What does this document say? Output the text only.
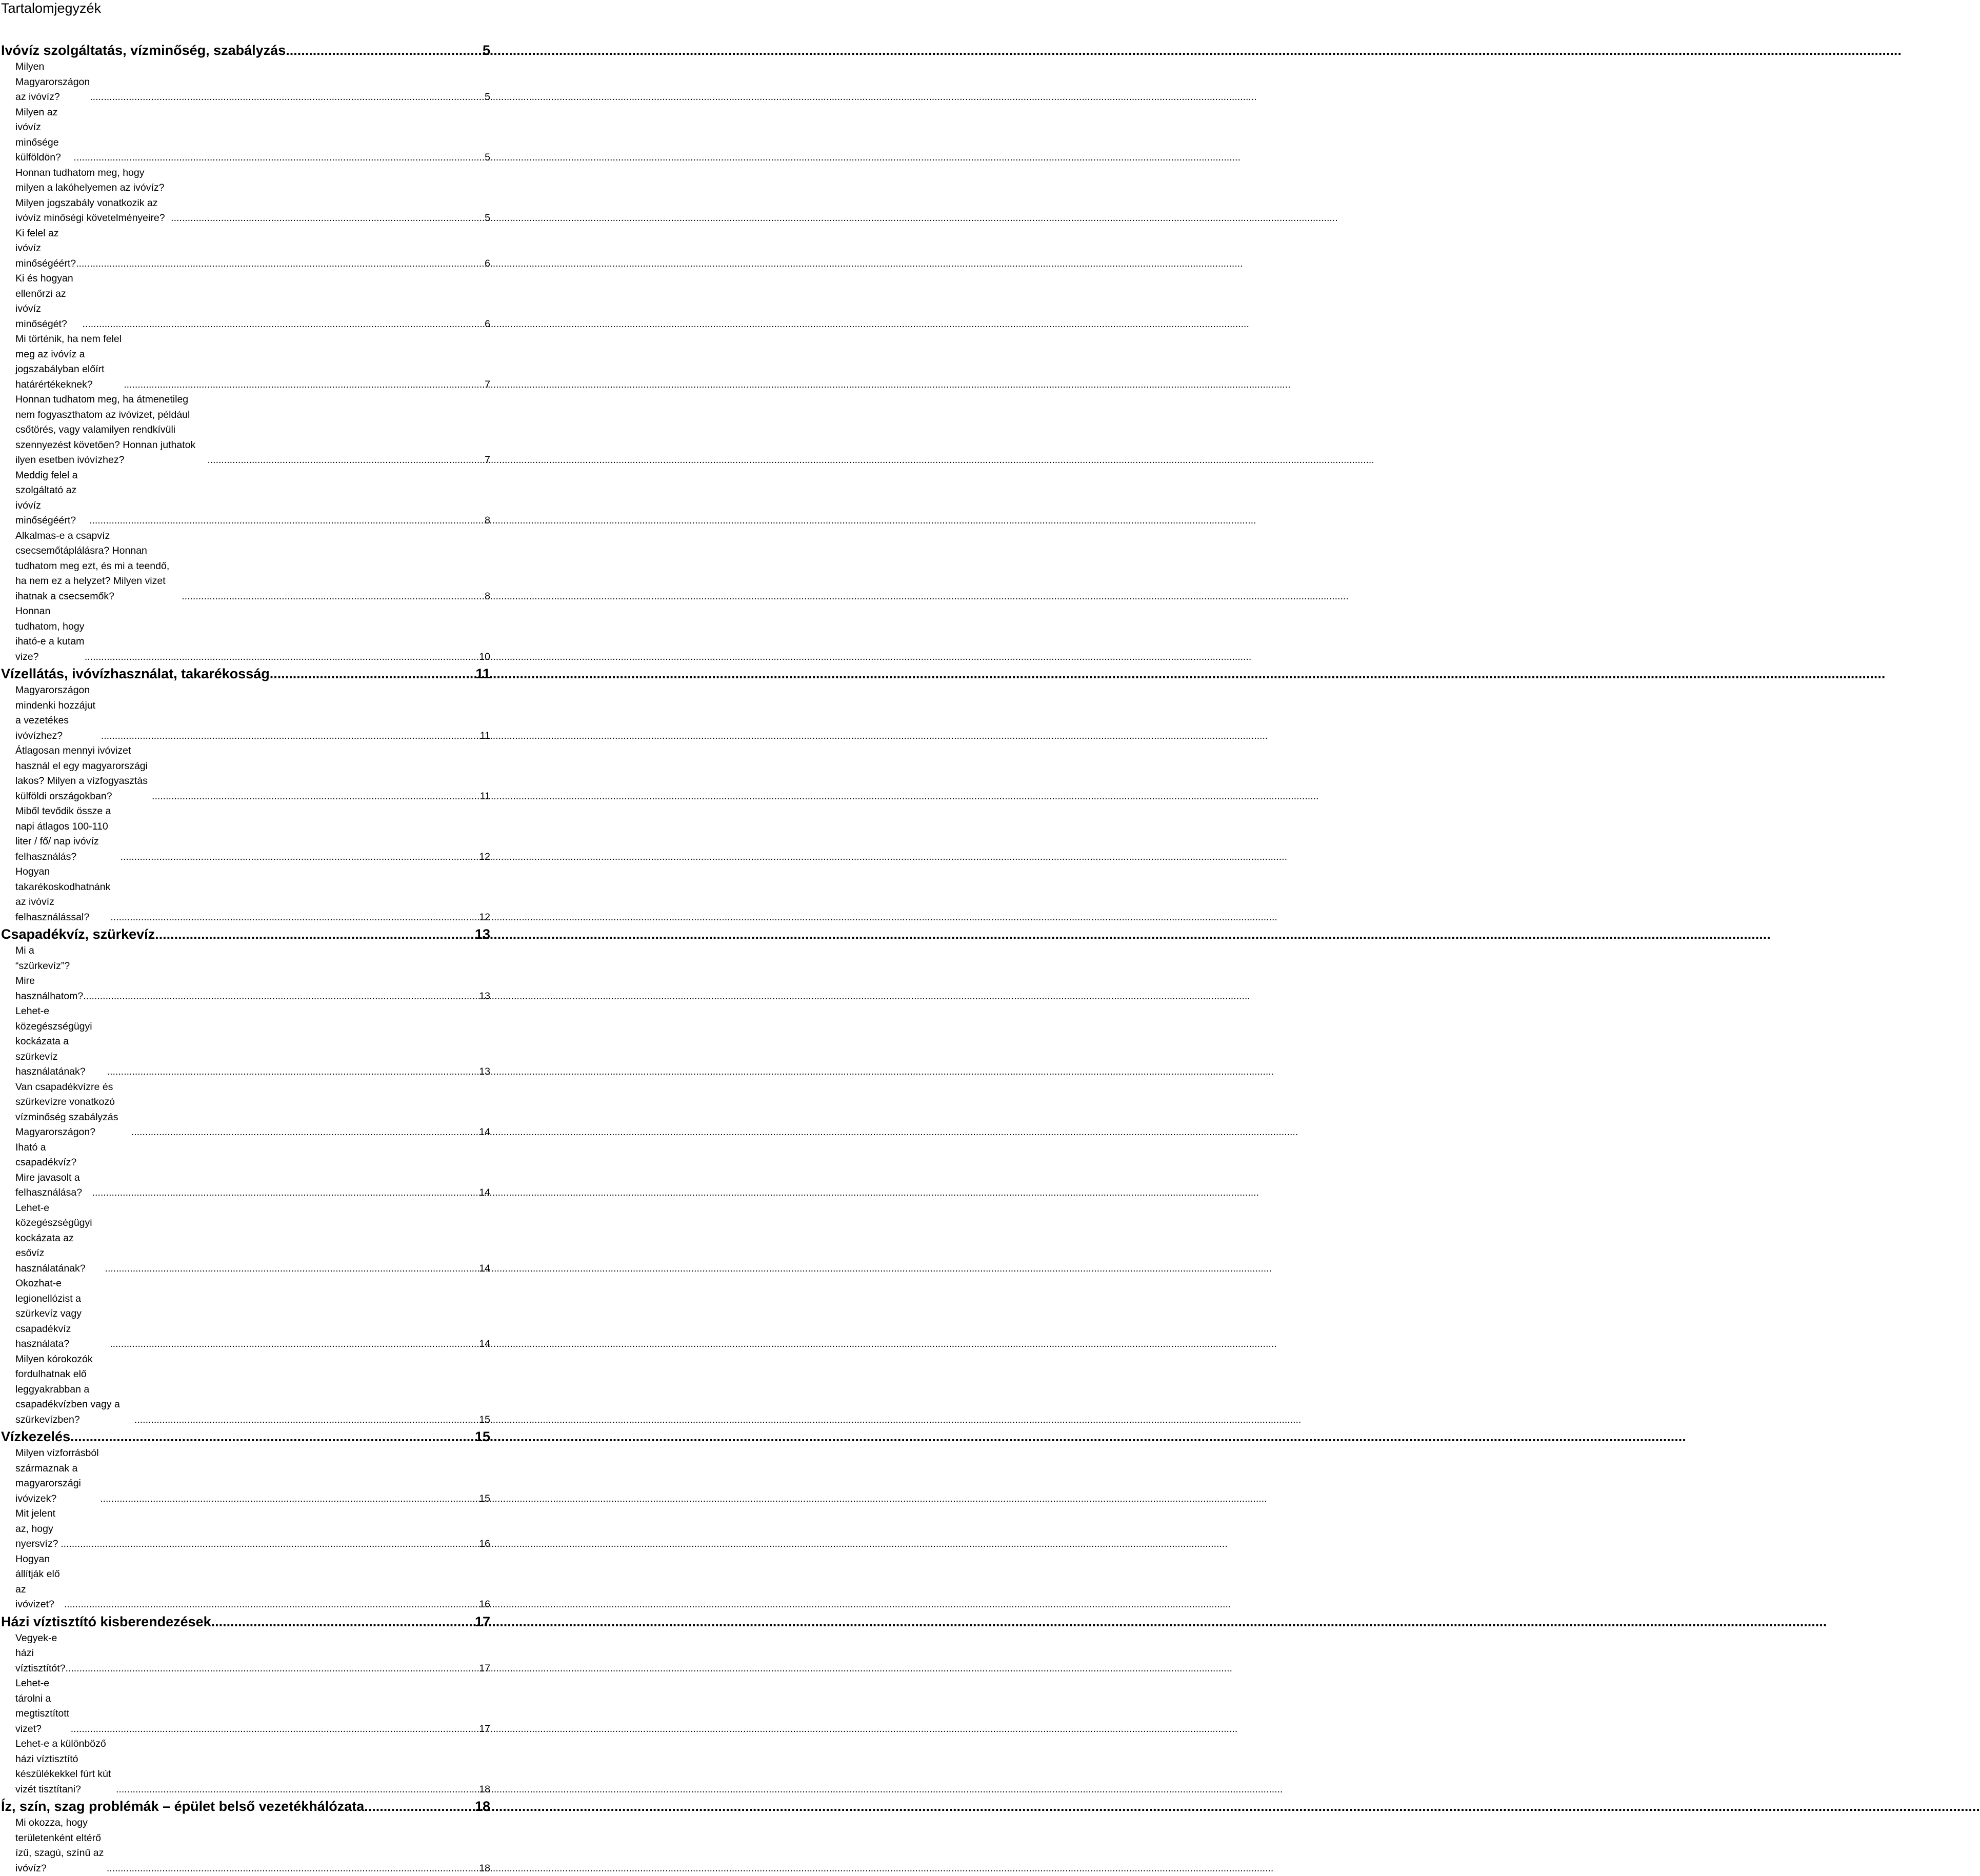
Tartalomjegyzék
Ivóvíz szolgáltatás, vízminőség, szabályzás .....	5
Milyen Magyarországon az ivóvíz? .....	5
Milyen az ivóvíz minősége külföldön? .....	5
Honnan tudhatom meg, hogy milyen a lakóhelyemen az ivóvíz? Milyen jogszabály vonatkozik az ivóvíz minőségi követelményeire? .....	5
Ki felel az ivóvíz minőségéért? .....	6
Ki és hogyan ellenőrzi az ivóvíz minőségét? .....	6
Mi történik, ha nem felel meg az ivóvíz a jogszabályban előírt határértékeknek? .....	7
Honnan tudhatom meg, ha átmenetileg nem fogyaszthatom az ivóvizet, például csőtörés, vagy valamilyen rendkívüli szennyezést követően? Honnan juthatok ilyen esetben ivóvízhez? .....	7
Meddig felel a szolgáltató az ivóvíz minőségéért? .....	8
Alkalmas-e a csapvíz csecsemőtáplálásra? Honnan tudhatom meg ezt, és mi a teendő, ha nem ez a helyzet? Milyen vizet ihatnak a csecsemők? .....	8
Honnan tudhatom, hogy iható-e a kutam vize? .....	10
Vízellátás, ivóvízhasználat, takarékosság .....	11
Magyarországon mindenki hozzájut a vezetékes ivóvízhez? .....	11
Átlagosan mennyi ivóvizet használ el egy magyarországi lakos? Milyen a vízfogyasztás külföldi országokban? .....	11
Miből tevődik össze a napi átlagos 100-110 liter / fő/ nap ivóvíz felhasználás? .....	12
Hogyan takarékoskodhatnánk az ivóvíz felhasználással? .....	12
Csapadékvíz, szürkevíz .....	13
Mi a “szürkevíz”? Mire használhatom? .....	13
Lehet-e közegészségügyi kockázata a szürkevíz használatának? .....	13
Van csapadékvízre és szürkevízre vonatkozó vízminőség szabályzás Magyarországon? .....	14
Iható a csapadékvíz? Mire javasolt a felhasználása? .....	14
Lehet-e közegészségügyi kockázata az esővíz használatának? .....	14
Okozhat-e legionellózist a szürkevíz vagy csapadékvíz használata? .....	14
Milyen kórokozók fordulhatnak elő leggyakrabban a csapadékvízben vagy a szürkevízben? .....	15
Vízkezelés .....	15
Milyen vízforrásból származnak a magyarországi ivóvizek? .....	15
Mit jelent az, hogy nyersvíz? .....	16
Hogyan állítják elő az ivóvizet? .....	16
Házi víztisztító kisberendezések .....	17
Vegyek-e házi víztisztítót? .....	17
Lehet-e tárolni a megtisztított vizet? .....	17
Lehet-e a különböző házi víztisztító készülékekkel fúrt kút vizét tisztítani? .....	18
Íz, szín, szag problémák – épület belső vezetékhálózata .....	18
Mi okozza, hogy területenként eltérő ízű, szagú, színű az ivóvíz? .....	18
